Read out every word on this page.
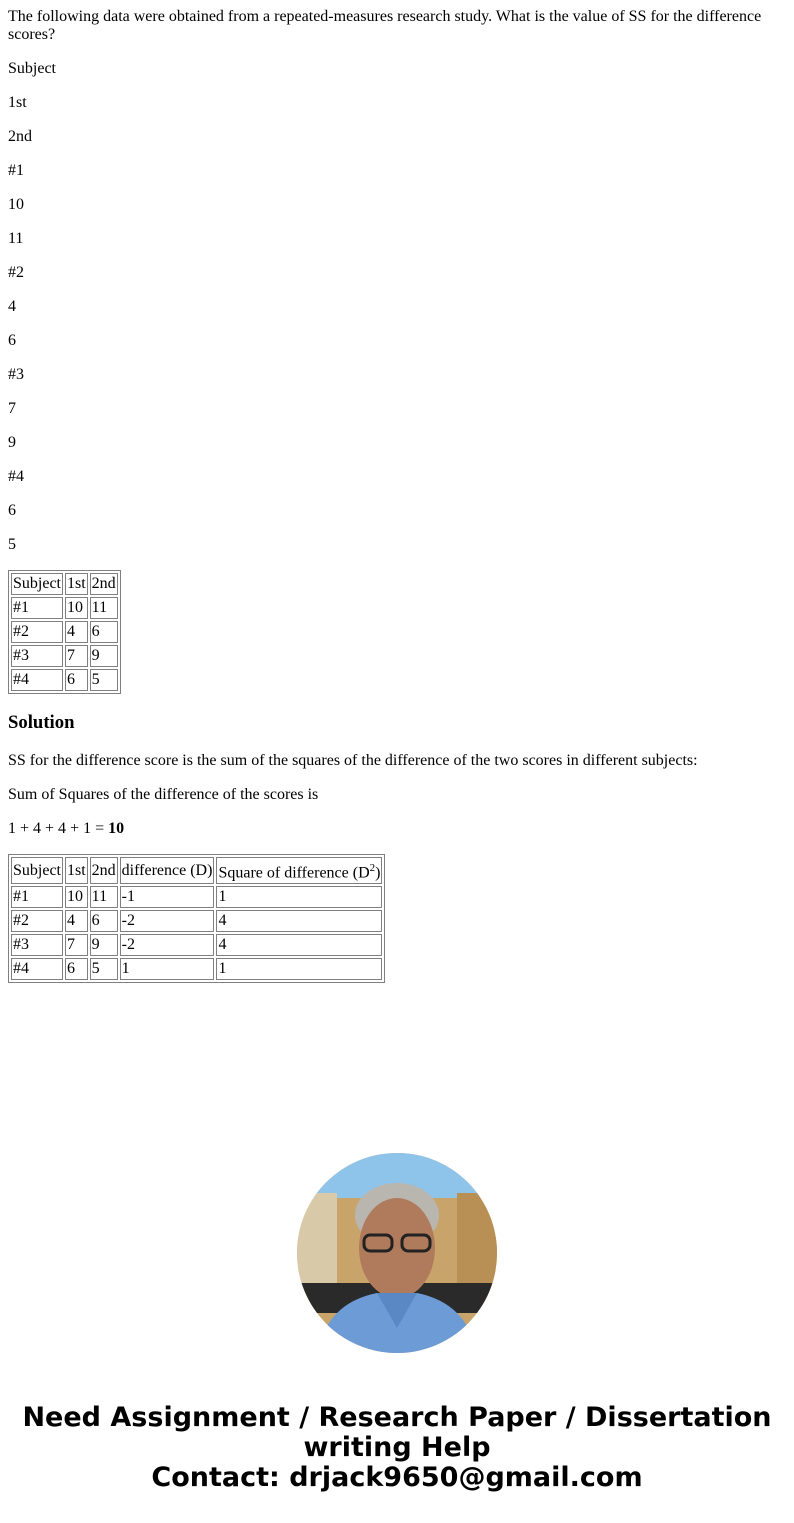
The following data were obtained from a repeated-measures research study. What is the value of SS for the difference scores?

Subject

1st

2nd

#1

10

11

#2

4

6

#3

7

9

#4

6

5

Subject	1st	2nd
#1	10	11
#2	4	6
#3	7	9
#4	6	5
Solution

SS for the difference score is the sum of the squares of the difference of the two scores in different subjects:

Sum of Squares of the difference of the scores is

1 + 4 + 4 + 1 = 10

Subject	1st	2nd	difference (D)	Square of difference $(D^2)$
#1	10	11	-1	1
#2	4	6	-2	4
#3	7	9	-2	4
#4	6	5	1	1
Need Assignment / Research Paper / Dissertation
writing Help
Contact: drjack9650@gmail.com
